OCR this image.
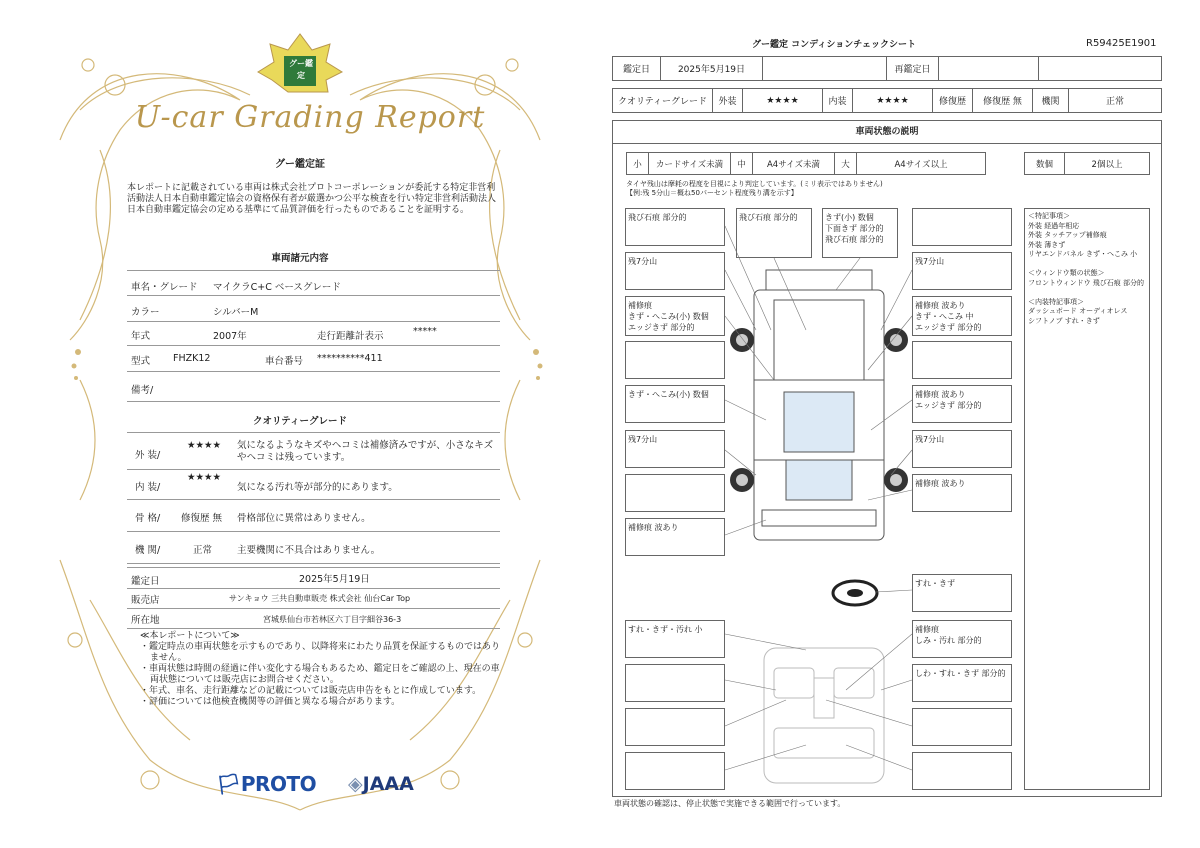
グー鑑定
U-car Grading Report
グー鑑定証
本レポートに記載されている車両は株式会社プロトコーポレーションが委託する特定非営利活動法人日本自動車鑑定協会の資格保有者が厳選かつ公平な検査を行い特定非営利活動法人日本自動車鑑定協会の定める基準にて品質評価を行ったものであることを証明する。
車両諸元内容
車名・グレード マイクラC+C ベースグレード
カラー	シルバーM
年式	2007年	走行距離計表示	*****
型式 FHZK12	車台番号 **********411
備考/
クオリティーグレード
外 装/
★★★★ 気になるようなキズやヘコミは補修済みですが、小さなキズやヘコミは残っています。
内 装/
★★★★
気になる汚れ等が部分的にあります。
骨 格/ 修復歴 無 骨格部位に異常はありません。
機 関/	正常	主要機関に不具合はありません。
鑑定日	2025年5月19日
販売店	サンキョウ 三共自動車販売 株式会社 仙台Car Top
所在地	宮城県仙台市若林区六丁目字細谷36-3
≪本レポートについて≫
・鑑定時点の車両状態を示すものであり、以降将来にわたり品質を保証するものではありません。
・車両状態は時間の経過に伴い変化する場合もあるため、鑑定日をご確認の上、現在の車両状態については販売店にお問合せください。
・年式、車名、走行距離などの記載については販売店申告をもとに作成しています。
・評価については他検査機関等の評価と異なる場合があります。
🏳︎PROTO ◈JAAA
グー鑑定 コンディションチェックシート	R59425E1901
鑑定日	2025年5月19日		再鑑定日		
クオリティーグレード	外装	★★★★	内装	★★★★	修復歴	修復歴 無	機関	正常
車両状態の説明
小	カードサイズ未満	中	A4サイズ未満	大	A4サイズ以上	数個	2個以上
タイヤ残山は摩耗の程度を目視により判定しています。(ミリ表示ではありません)
【例:残 5分山＝概ね50パーセント程度残り溝を示す】
飛び石痕 部分的
残7分山
補修痕
きず・へこみ(小) 数個
エッジきず 部分的
きず・へこみ(小) 数個
残7分山
補修痕 波あり
飛び石痕 部分的	きず(小) 数個
下面きず 部分的
飛び石痕 部分的
残7分山
補修痕 波あり
きず・へこみ 中
エッジきず 部分的
補修痕 波あり
エッジきず 部分的
残7分山
補修痕 波あり
すれ・きず
すれ・きず・汚れ 小	補修痕
しみ・汚れ 部分的
しわ・すれ・きず 部分的
＜特記事項＞
外装 経過年相応
外装 タッチアップ補修痕
外装 薄きず
リヤエンドパネル きず・へこみ 小

＜ウィンドウ類の状態＞
フロントウィンドウ 飛び石痕 部分的

＜内装特記事項＞
ダッシュボード オーディオレス
シフトノブ すれ・きず
車両状態の確認は、停止状態で実施できる範囲で行っています。
